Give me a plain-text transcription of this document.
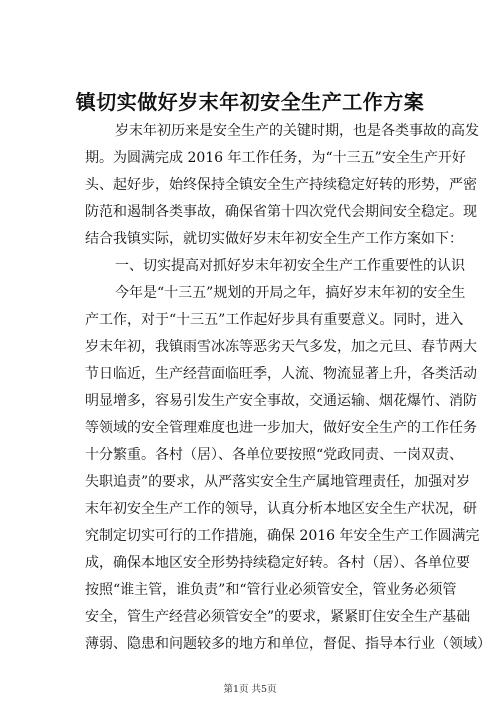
镇切实做好岁末年初安全生产工作方案
岁末年初历来是安全生产的关键时期，也是各类事故的高发
期。为圆满完成 2016 年工作任务，为“十三五”安全生产开好
头、起好步，始终保持全镇安全生产持续稳定好转的形势，严密
防范和遏制各类事故，确保省第十四次党代会期间安全稳定。现
结合我镇实际，就切实做好岁末年初安全生产工作方案如下：
一、切实提高对抓好岁末年初安全生产工作重要性的认识
今年是“十三五”规划的开局之年，搞好岁末年初的安全生
产工作，对于“十三五”工作起好步具有重要意义。同时，进入
岁末年初，我镇雨雪冰冻等恶劣天气多发，加之元旦、春节两大
节日临近，生产经营面临旺季，人流、物流显著上升，各类活动
明显增多，容易引发生产安全事故，交通运输、烟花爆竹、消防
等领域的安全管理难度也进一步加大，做好安全生产的工作任务
十分繁重。各村（居）、各单位要按照“党政同责、一岗双责、
失职追责”的要求，从严落实安全生产属地管理责任，加强对岁
末年初安全生产工作的领导，认真分析本地区安全生产状况，研
究制定切实可行的工作措施，确保 2016 年安全生产工作圆满完
成，确保本地区安全形势持续稳定好转。各村（居）、各单位要
按照“谁主管，谁负责”和“管行业必须管安全，管业务必须管
安全，管生产经营必须管安全”的要求，紧紧盯住安全生产基础
薄弱、隐患和问题较多的地方和单位，督促、指导本行业（领域）
第1页 共5页
